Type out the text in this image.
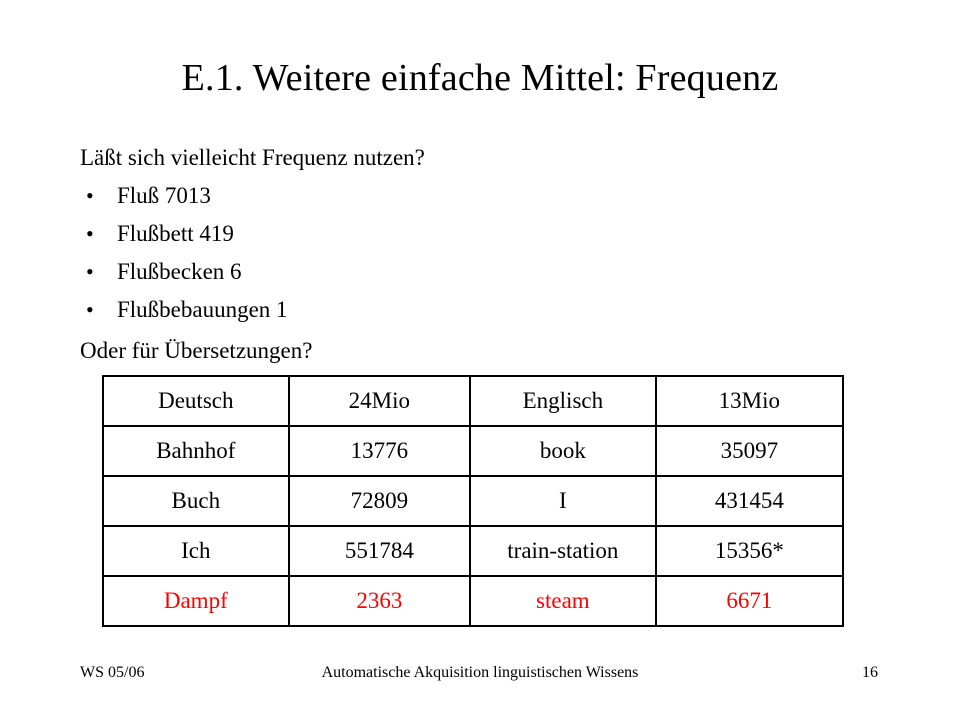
E.1. Weitere einfache Mittel: Frequenz
Läßt sich vielleicht Frequenz nutzen?
•	Fluß 7013
•	Flußbett 419
•	Flußbecken 6
•	Flußbebauungen 1
Oder für Übersetzungen?
Deutsch	24Mio	Englisch	13Mio
Bahnhof	13776	book	35097
Buch	72809	I	431454
Ich	551784	train-station	15356*
Dampf	2363	steam	6671
WS 05/06	Automatische Akquisition linguistischen Wissens	16
